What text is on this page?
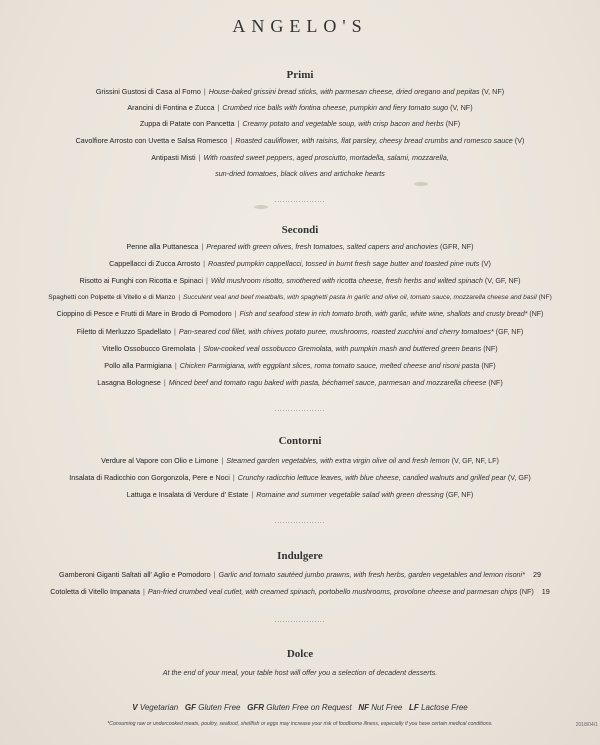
ANGELO'S
Primi
Grissini Gustosi di Casa al Forno | House-baked grissini bread sticks, with parmesan cheese, dried oregano and pepitas (V, NF)
Arancini di Fontina e Zucca | Crumbed rice balls with fontina cheese, pumpkin and fiery tomato sugo (V, NF)
Zuppa di Patate con Pancetta | Creamy potato and vegetable soup, with crisp bacon and herbs (NF)
Cavolfiore Arrosto con Uvetta e Salsa Romesco | Roasted cauliflower, with raisins, flat parsley, cheesy bread crumbs and romesco sauce (V)
Antipasti Misti | With roasted sweet peppers, aged prosciutto, mortadella, salami, mozzarella,
sun-dried tomatoes, black olives and artichoke hearts
...................
Secondi
Penne alla Puttanesca | Prepared with green olives, fresh tomatoes, salted capers and anchovies (GFR, NF)
Cappellacci di Zucca Arrosto | Roasted pumpkin cappellacci, tossed in burnt fresh sage butter and toasted pine nuts (V)
Risotto ai Funghi con Ricotta e Spinaci | Wild mushroom risotto, smothered with ricotta cheese, fresh herbs and wilted spinach (V, GF, NF)
Spaghetti con Polpette di Vitello e di Manzo | Succulent veal and beef meatballs, with spaghetti pasta in garlic and olive oil, tomato sauce, mozzarella cheese and basil (NF)
Cioppino di Pesce e Frutti di Mare in Brodo di Pomodoro | Fish and seafood stew in rich tomato broth, with garlic, white wine, shallots and crusty bread* (NF)
Filetto di Merluzzo Spadellato | Pan-seared cod fillet, with chives potato puree, mushrooms, roasted zucchini and cherry tomatoes* (GF, NF)
Vitello Ossobucco Gremolata | Slow-cooked veal ossobucco Gremolata, with pumpkin mash and buttered green beans (NF)
Pollo alla Parmigiana | Chicken Parmigiana, with eggplant slices, roma tomato sauce, melted cheese and risoni pasta (NF)
Lasagna Bolognese | Minced beef and tomato ragu baked with pasta, béchamel sauce, parmesan and mozzarella cheese (NF)
...................
Contorni
Verdure al Vapore con Olio e Limone | Steamed garden vegetables, with extra virgin olive oil and fresh lemon (V, GF, NF, LF)
Insalata di Radicchio con Gorgonzola, Pere e Noci | Crunchy radicchio lettuce leaves, with blue cheese, candied walnuts and grilled pear (V, GF)
Lattuga e Insalata di Verdure d' Estate | Romaine and summer vegetable salad with green dressing (GF, NF)
...................
Indulgere
Gamberoni Giganti Saltati all' Aglio e Pomodoro | Garlic and tomato sautéed jumbo prawns, with fresh herbs, garden vegetables and lemon risoni* 29
Cotoletta di Vitello Impanata | Pan-fried crumbed veal cutlet, with creamed spinach, portobello mushrooms, provolone cheese and parmesan chips (NF) 19
...................
Dolce
At the end of your meal, your table host will offer you a selection of decadent desserts.
V Vegetarian GF Gluten Free GFR Gluten Free on Request NF Nut Free LF Lactose Free
*Consuming raw or undercooked meats, poultry, seafood, shellfish or eggs may increase your risk of foodborne illness, especially if you have certain medical conditions.	2018/04/1
